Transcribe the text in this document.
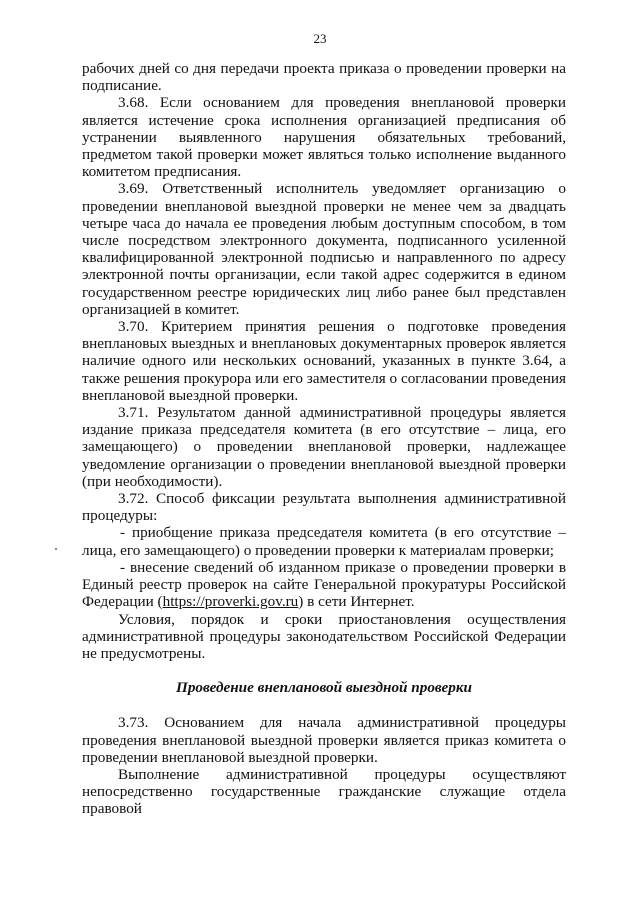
23

рабочих дней со дня передачи проекта приказа о проведении проверки на подписание.

3.68. Если основанием для проведения внеплановой проверки является истечение срока исполнения организацией предписания об устранении выявленного нарушения обязательных требований, предметом такой проверки может являться только исполнение выданного комитетом предписания.

3.69. Ответственный исполнитель уведомляет организацию о проведении внеплановой выездной проверки не менее чем за двадцать четыре часа до начала ее проведения любым доступным способом, в том числе посредством электронного документа, подписанного усиленной квалифицированной электронной подписью и направленного по адресу электронной почты организации, если такой адрес содержится в едином государственном реестре юридических лиц либо ранее был представлен организацией в комитет.

3.70. Критерием принятия решения о подготовке проведения внеплановых выездных и внеплановых документарных проверок является наличие одного или нескольких оснований, указанных в пункте 3.64, а также решения прокурора или его заместителя о согласовании проведения внеплановой выездной проверки.

3.71. Результатом данной административной процедуры является издание приказа председателя комитета (в его отсутствие – лица, его замещающего) о проведении внеплановой проверки, надлежащее уведомление организации о проведении внеплановой выездной проверки (при необходимости).

3.72. Способ фиксации результата выполнения административной процедуры:

- приобщение приказа председателя комитета (в его отсутствие – лица, его замещающего) о проведении проверки к материалам проверки;

- внесение сведений об изданном приказе о проведении проверки в Единый реестр проверок на сайте Генеральной прокуратуры Российской Федерации (https://proverki.gov.ru) в сети Интернет.

Условия, порядок и сроки приостановления осуществления административной процедуры законодательством Российской Федерации не предусмотрены.

Проведение внеплановой выездной проверки

3.73. Основанием для начала административной процедуры проведения внеплановой выездной проверки является приказ комитета о проведении внеплановой выездной проверки.

Выполнение административной процедуры осуществляют непосредственно государственные гражданские служащие отдела правовой
